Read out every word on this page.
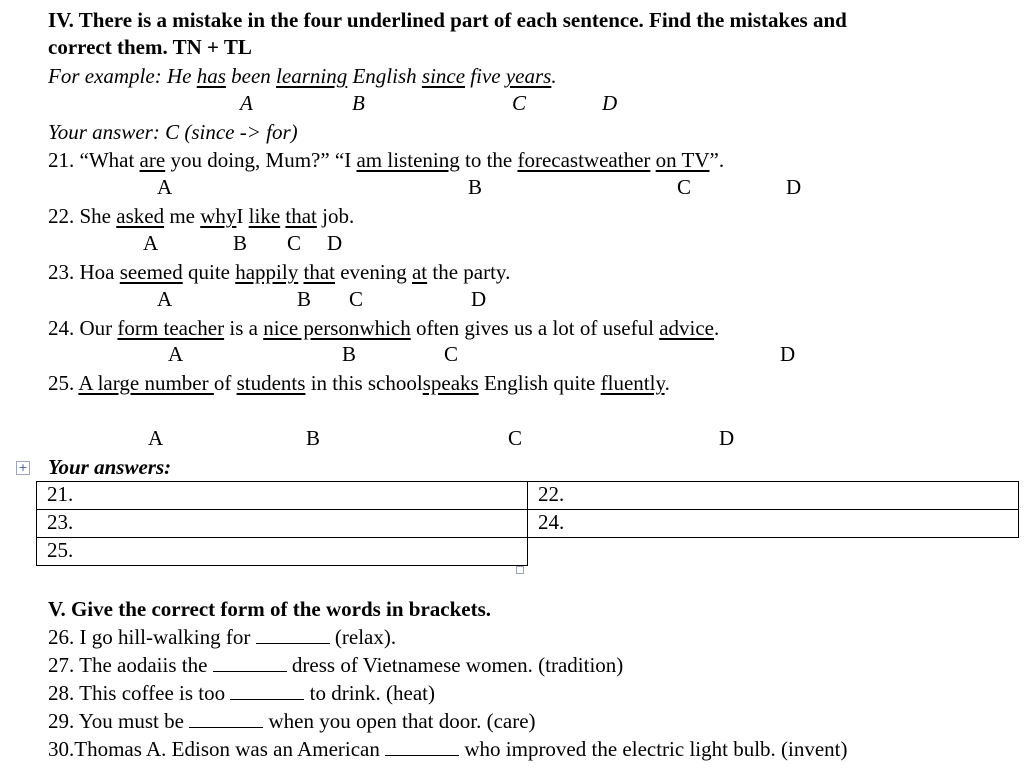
IV. There is a mistake in the four underlined part of each sentence. Find the mistakes and
correct them. TN + TL
For example: He has been learning English since five years.
A	B	C	D
Your answer: C (since -> for)
21. “What are you doing, Mum?” “I am listening to the forecastweather on TV”.
A	B	C	D
22. She asked me whyI like that job.
A	B C D
23. Hoa seemed quite happily that evening at the party.
A	B C	D
24. Our form teacher is a nice personwhich often gives us a lot of useful advice.
A	B	C	D
25. A large number of students in this schoolspeaks English quite fluently.
A	B	C	D
+ Your answers:
21.	22.
23.	24.
25.	
V. Give the correct form of the words in brackets.
26. I go hill-walking for	(relax).
27. The aodaiis the	dress of Vietnamese women. (tradition)
28. This coffee is too	to drink. (heat)
29. You must be	when you open that door. (care)
30.Thomas A. Edison was an American	who improved the electric light bulb. (invent)
